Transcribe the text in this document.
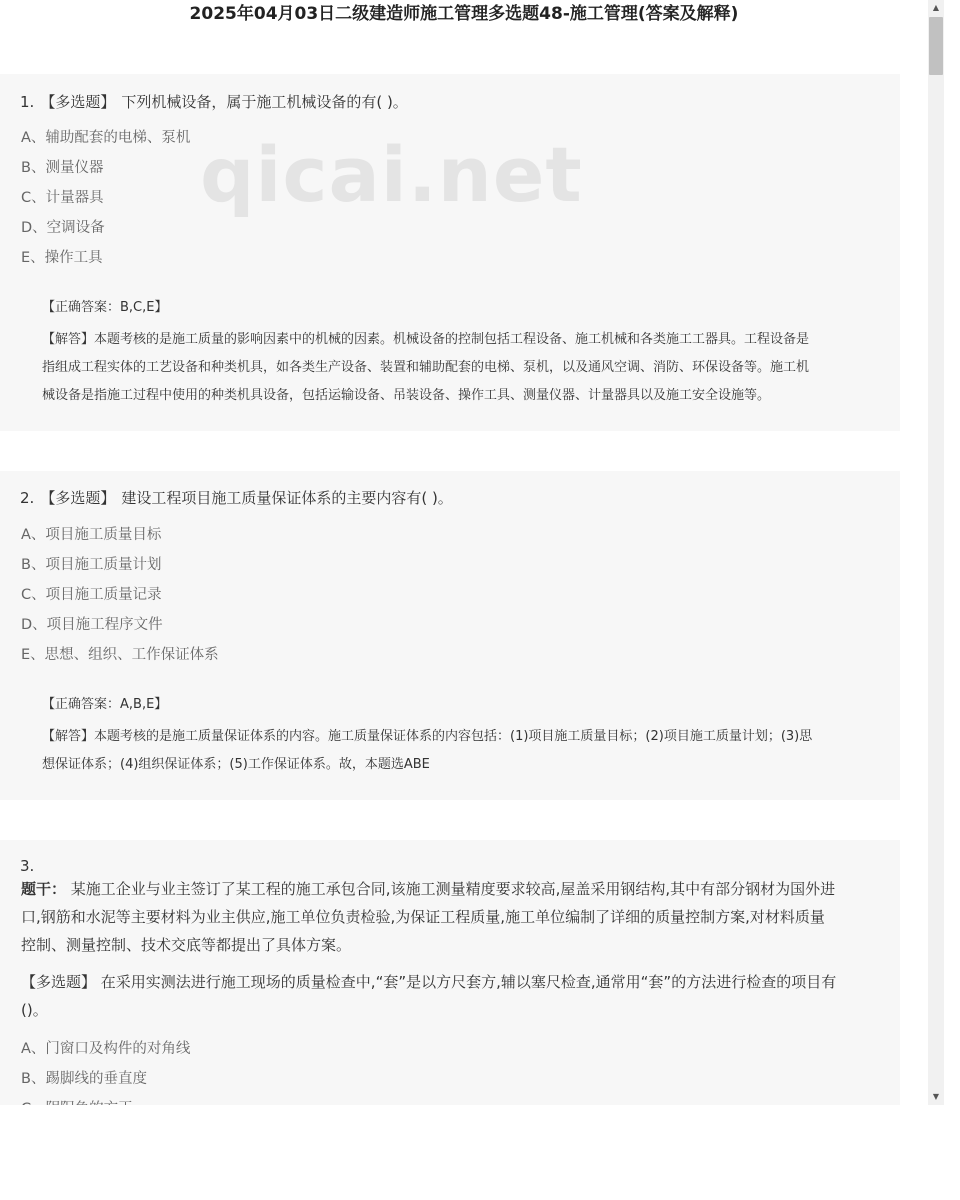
2025年04月03日二级建造师施工管理多选题48-施工管理(答案及解释)
1. 【多选题】 下列机械设备，属于施工机械设备的有( )。
A、辅助配套的电梯、泵机
B、测量仪器
C、计量器具
D、空调设备
E、操作工具
【正确答案：B,C,E】
【解答】本题考核的是施工质量的影响因素中的机械的因素。机械设备的控制包括工程设备、施工机械和各类施工工器具。工程设备是
指组成工程实体的工艺设备和种类机具，如各类生产设备、装置和辅助配套的电梯、泵机，以及通风空调、消防、环保设备等。施工机
械设备是指施工过程中使用的种类机具设备，包括运输设备、吊装设备、操作工具、测量仪器、计量器具以及施工安全设施等。
qicai.net
2. 【多选题】 建设工程项目施工质量保证体系的主要内容有( )。
A、项目施工质量目标
B、项目施工质量计划
C、项目施工质量记录
D、项目施工程序文件
E、思想、组织、工作保证体系
【正确答案：A,B,E】
【解答】本题考核的是施工质量保证体系的内容。施工质量保证体系的内容包括：(1)项目施工质量目标；(2)项目施工质量计划；(3)思
想保证体系；(4)组织保证体系；(5)工作保证体系。故，本题选ABE
3.
题干： 某施工企业与业主签订了某工程的施工承包合同,该施工测量精度要求较高,屋盖采用钢结构,其中有部分钢材为国外进
口,钢筋和水泥等主要材料为业主供应,施工单位负责检验,为保证工程质量,施工单位编制了详细的质量控制方案,对材料质量
控制、测量控制、技术交底等都提出了具体方案。
【多选题】 在采用实测法进行施工现场的质量检查中,“套”是以方尺套方,辅以塞尺检查,通常用“套”的方法进行检查的项目有
()。
A、门窗口及构件的对角线
B、踢脚线的垂直度
▲
▼
